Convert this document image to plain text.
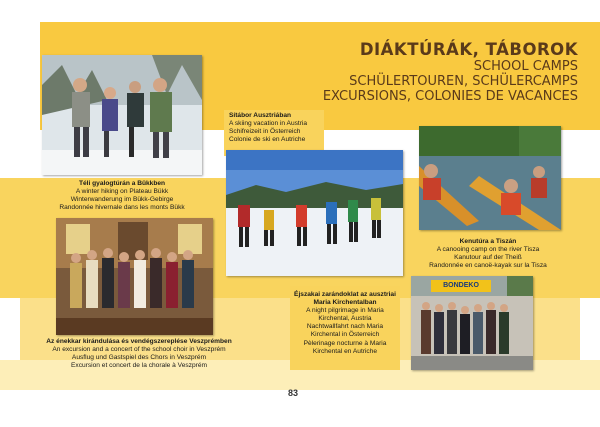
DIÁKTÚRÁK, TÁBOROK
SCHOOL CAMPS
SCHÜLERTOUREN, SCHÜLERCAMPS
EXCURSIONS, COLONIES DE VACANCES
Téli gyalogtúrán a Bükkben
A winter hiking on Plateau Bükk
Winterwanderung im Bükk-Gebirge
Randonnée hivernale dans les monts Bükk
Sítábor Ausztriában
A skiing vacation in Austria
Schifreizeit in Österreich
Colonie de ski en Autriche
Kenutúra a Tiszán
A canooing camp on the river Tisza
Kanutour auf der Theiß
Randonnée en canoë-kayak sur la Tisza
Az énekkar kirándulása és vendégszereplése Veszprémben
An excursion and a concert of the school choir in Veszprém
Ausflug und Gastspiel des Chors in Veszprém
Excursion et concert de la chorale à Veszprém
Éjszakai zarándoklat az ausztriai
Maria Kirchentalban
A night pilgrimage in Maria
Kirchental, Austria
Nachtwallfahrt nach Maria
Kirchental in Österreich
Pèlerinage nocturne à Maria
Kirchental en Autriche
BONDEKO
83
